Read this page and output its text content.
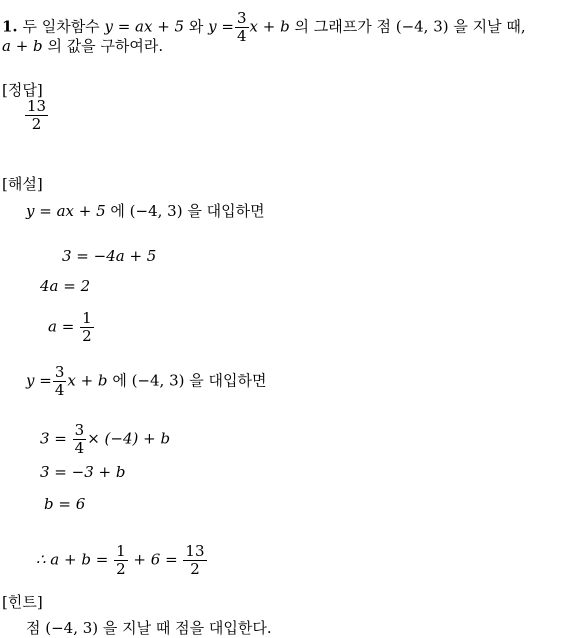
1. 두 일차함수 y = ax + 5 와 $y = \frac{3}{4}$ x + b 의 그래프가 점 (−4, 3) 을 지날 때,
a + b 의 값을 구하여라.
[정답]
$\frac{13}{2}$
[해설]
y = ax + 5 에 (−4, 3) 을 대입하면
3 = −4a + 5
4a = 2
$a = \frac{1}{2}$
$y = \frac{3}{4}$ x + b 에 (−4, 3) 을 대입하면
$3 = \frac{3}{4} \times (-4) + b$
3 = −3 + b
b = 6
∴ $a + b = \frac{1}{2} + 6 = \frac{13}{2}$
[힌트]
점 (−4, 3) 을 지날 때 점을 대입한다.
